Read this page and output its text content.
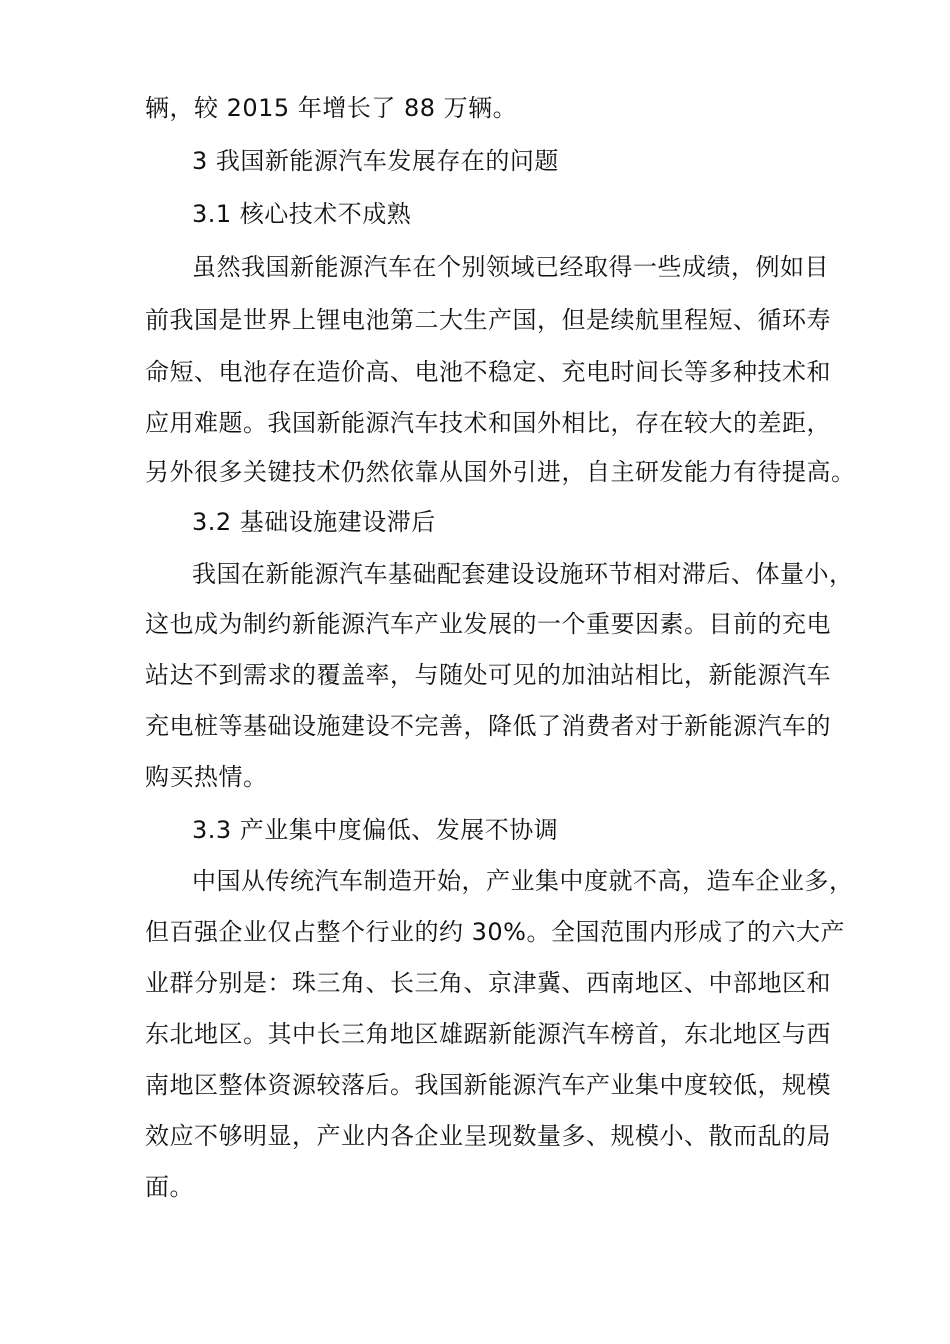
辆，较 2015 年增长了 88 万辆。
3 我国新能源汽车发展存在的问题
3.1 核心技术不成熟
虽然我国新能源汽车在个别领域已经取得一些成绩，例如目
前我国是世界上锂电池第二大生产国，但是续航里程短、循环寿
命短、电池存在造价高、电池不稳定、充电时间长等多种技术和
应用难题。我国新能源汽车技术和国外相比，存在较大的差距，
另外很多关键技术仍然依靠从国外引进，自主研发能力有待提高。
3.2 基础设施建设滞后
我国在新能源汽车基础配套建设设施环节相对滞后、体量小，
这也成为制约新能源汽车产业发展的一个重要因素。目前的充电
站达不到需求的覆盖率，与随处可见的加油站相比，新能源汽车
充电桩等基础设施建设不完善，降低了消费者对于新能源汽车的
购买热情。
3.3 产业集中度偏低、发展不协调
中国从传统汽车制造开始，产业集中度就不高，造车企业多，
但百强企业仅占整个行业的约 30%。全国范围内形成了的六大产
业群分别是：珠三角、长三角、京津冀、西南地区、中部地区和
东北地区。其中长三角地区雄踞新能源汽车榜首，东北地区与西
南地区整体资源较落后。我国新能源汽车产业集中度较低，规模
效应不够明显，产业内各企业呈现数量多、规模小、散而乱的局
面。
